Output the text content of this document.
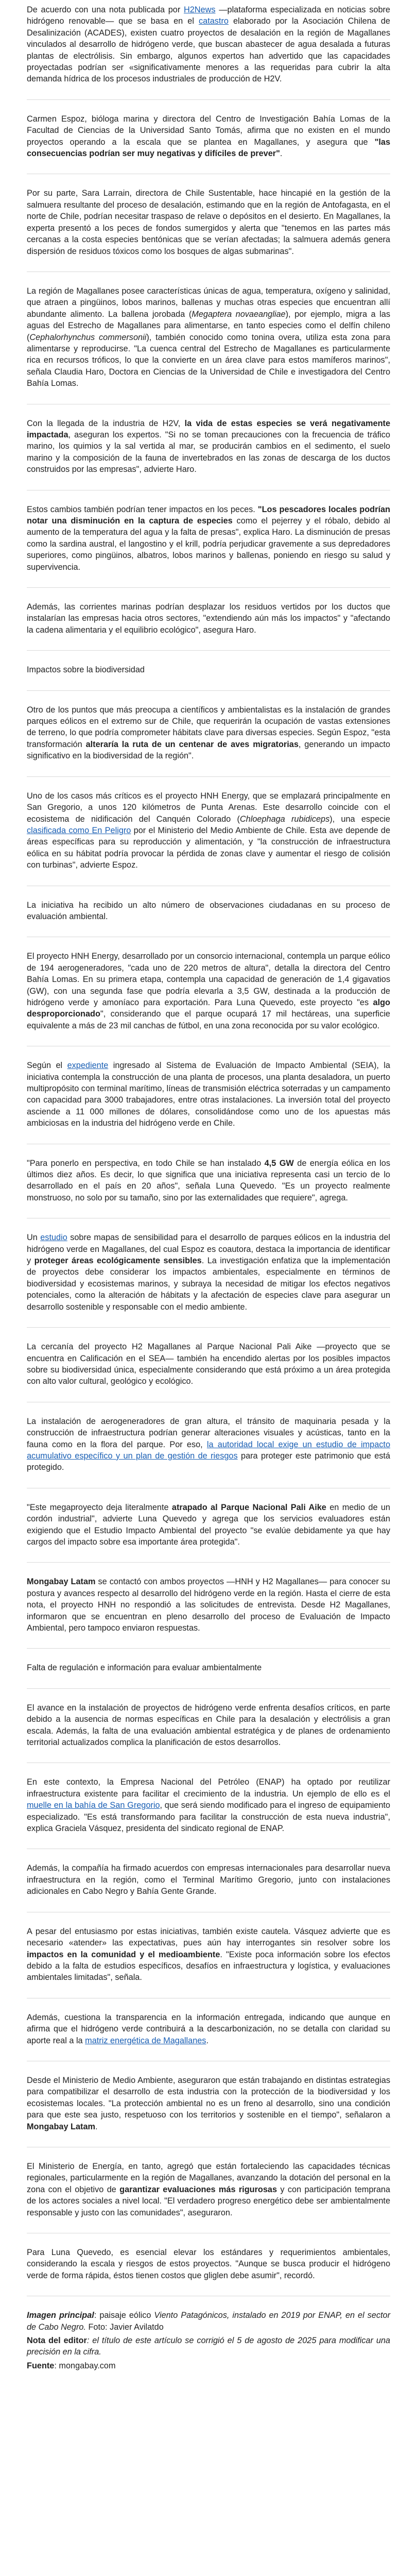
De acuerdo con una nota publicada por H2News —plataforma especializada en noticias sobre hidrógeno renovable— que se basa en el catastro elaborado por la Asociación Chilena de Desalinización (ACADES), existen cuatro proyectos de desalación en la región de Magallanes vinculados al desarrollo de hidrógeno verde, que buscan abastecer de agua desalada a futuras plantas de electrólisis. Sin embargo, algunos expertos han advertido que las capacidades proyectadas podrían ser «significativamente menores a las requeridas para cubrir la alta demanda hídrica de los procesos industriales de producción de H2V.

Carmen Espoz, bióloga marina y directora del Centro de Investigación Bahía Lomas de la Facultad de Ciencias de la Universidad Santo Tomás, afirma que no existen en el mundo proyectos operando a la escala que se plantea en Magallanes, y asegura que "las consecuencias podrían ser muy negativas y difíciles de prever".

Por su parte, Sara Larrain, directora de Chile Sustentable, hace hincapié en la gestión de la salmuera resultante del proceso de desalación, estimando que en la región de Antofagasta, en el norte de Chile, podrían necesitar traspaso de relave o depósitos en el desierto. En Magallanes, la experta presentó a los peces de fondos sumergidos y alerta que "tenemos en las partes más cercanas a la costa especies bentónicas que se verían afectadas; la salmuera además genera dispersión de residuos tóxicos como los bosques de algas submarinas".

La región de Magallanes posee características únicas de agua, temperatura, oxígeno y salinidad, que atraen a pingüinos, lobos marinos, ballenas y muchas otras especies que encuentran allí abundante alimento. La ballena jorobada (Megaptera novaeangliae), por ejemplo, migra a las aguas del Estrecho de Magallanes para alimentarse, en tanto especies como el delfín chileno (Cephalorhynchus commersonii), también conocido como tonina overa, utiliza esta zona para alimentarse y reproducirse. "La cuenca central del Estrecho de Magallanes es particularmente rica en recursos tróficos, lo que la convierte en un área clave para estos mamíferos marinos", señala Claudia Haro, Doctora en Ciencias de la Universidad de Chile e investigadora del Centro Bahía Lomas.

Con la llegada de la industria de H2V, la vida de estas especies se verá negativamente impactada, aseguran los expertos. "Si no se toman precauciones con la frecuencia de tráfico marino, los quimios y la sal vertida al mar, se producirán cambios en el sedimento, el suelo marino y la composición de la fauna de invertebrados en las zonas de descarga de los ductos construidos por las empresas", advierte Haro.

Estos cambios también podrían tener impactos en los peces. "Los pescadores locales podrían notar una disminución en la captura de especies como el pejerrey y el róbalo, debido al aumento de la temperatura del agua y la falta de presas", explica Haro. La disminución de presas como la sardina austral, el langostino y el krill, podría perjudicar gravemente a sus depredadores superiores, como pingüinos, albatros, lobos marinos y ballenas, poniendo en riesgo su salud y supervivencia.

Además, las corrientes marinas podrían desplazar los residuos vertidos por los ductos que instalarían las empresas hacia otros sectores, "extendiendo aún más los impactos" y "afectando la cadena alimentaria y el equilibrio ecológico", asegura Haro.

Impactos sobre la biodiversidad

Otro de los puntos que más preocupa a científicos y ambientalistas es la instalación de grandes parques eólicos en el extremo sur de Chile, que requerirán la ocupación de vastas extensiones de terreno, lo que podría comprometer hábitats clave para diversas especies. Según Espoz, "esta transformación alteraría la ruta de un centenar de aves migratorias, generando un impacto significativo en la biodiversidad de la región".

Uno de los casos más críticos es el proyecto HNH Energy, que se emplazará principalmente en San Gregorio, a unos 120 kilómetros de Punta Arenas. Este desarrollo coincide con el ecosistema de nidificación del Canquén Colorado (Chloephaga rubidiceps), una especie clasificada como En Peligro por el Ministerio del Medio Ambiente de Chile. Esta ave depende de áreas específicas para su reproducción y alimentación, y "la construcción de infraestructura eólica en su hábitat podría provocar la pérdida de zonas clave y aumentar el riesgo de colisión con turbinas", advierte Espoz.

La iniciativa ha recibido un alto número de observaciones ciudadanas en su proceso de evaluación ambiental.

El proyecto HNH Energy, desarrollado por un consorcio internacional, contempla un parque eólico de 194 aerogeneradores, "cada uno de 220 metros de altura", detalla la directora del Centro Bahía Lomas. En su primera etapa, contempla una capacidad de generación de 1,4 gigavatios (GW), con una segunda fase que podría elevarla a 3,5 GW, destinada a la producción de hidrógeno verde y amoníaco para exportación. Para Luna Quevedo, este proyecto "es algo desproporcionado", considerando que el parque ocupará 17 mil hectáreas, una superficie equivalente a más de 23 mil canchas de fútbol, en una zona reconocida por su valor ecológico.

Según el expediente ingresado al Sistema de Evaluación de Impacto Ambiental (SEIA), la iniciativa contempla la construcción de una planta de procesos, una planta desaladora, un puerto multipropósito con terminal marítimo, líneas de transmisión eléctrica soterradas y un campamento con capacidad para 3000 trabajadores, entre otras instalaciones. La inversión total del proyecto asciende a 11 000 millones de dólares, consolidándose como uno de los apuestas más ambiciosas en la industria del hidrógeno verde en Chile.

"Para ponerlo en perspectiva, en todo Chile se han instalado 4,5 GW de energía eólica en los últimos diez años. Es decir, lo que significa que una iniciativa representa casi un tercio de lo desarrollado en el país en 20 años", señala Luna Quevedo. "Es un proyecto realmente monstruoso, no solo por su tamaño, sino por las externalidades que requiere", agrega.

Un estudio sobre mapas de sensibilidad para el desarrollo de parques eólicos en la industria del hidrógeno verde en Magallanes, del cual Espoz es coautora, destaca la importancia de identificar y proteger áreas ecológicamente sensibles. La investigación enfatiza que la implementación de proyectos debe considerar los impactos ambientales, especialmente en términos de biodiversidad y ecosistemas marinos, y subraya la necesidad de mitigar los efectos negativos potenciales, como la alteración de hábitats y la afectación de especies clave para asegurar un desarrollo sostenible y responsable con el medio ambiente.

La cercanía del proyecto H2 Magallanes al Parque Nacional Pali Aike —proyecto que se encuentra en Calificación en el SEA— también ha encendido alertas por los posibles impactos sobre su biodiversidad única, especialmente considerando que está próximo a un área protegida con alto valor cultural, geológico y ecológico.

La instalación de aerogeneradores de gran altura, el tránsito de maquinaria pesada y la construcción de infraestructura podrían generar alteraciones visuales y acústicas, tanto en la fauna como en la flora del parque. Por eso, la autoridad local exige un estudio de impacto acumulativo específico y un plan de gestión de riesgos para proteger este patrimonio que está protegido.

"Este megaproyecto deja literalmente atrapado al Parque Nacional Pali Aike en medio de un cordón industrial", advierte Luna Quevedo y agrega que los servicios evaluadores están exigiendo que el Estudio Impacto Ambiental del proyecto "se evalúe debidamente ya que hay cargos del impacto sobre esa importante área protegida".

Mongabay Latam se contactó con ambos proyectos —HNH y H2 Magallanes— para conocer su postura y avances respecto al desarrollo del hidrógeno verde en la región. Hasta el cierre de esta nota, el proyecto HNH no respondió a las solicitudes de entrevista. Desde H2 Magallanes, informaron que se encuentran en pleno desarrollo del proceso de Evaluación de Impacto Ambiental, pero tampoco enviaron respuestas.

Falta de regulación e información para evaluar ambientalmente

El avance en la instalación de proyectos de hidrógeno verde enfrenta desafíos críticos, en parte debido a la ausencia de normas específicas en Chile para la desalación y electrólisis a gran escala. Además, la falta de una evaluación ambiental estratégica y de planes de ordenamiento territorial actualizados complica la planificación de estos desarrollos.

En este contexto, la Empresa Nacional del Petróleo (ENAP) ha optado por reutilizar infraestructura existente para facilitar el crecimiento de la industria. Un ejemplo de ello es el muelle en la bahía de San Gregorio, que será siendo modificado para el ingreso de equipamiento especializado. "Es está transformando para facilitar la construcción de esta nueva industria", explica Graciela Vásquez, presidenta del sindicato regional de ENAP.

Además, la compañía ha firmado acuerdos con empresas internacionales para desarrollar nueva infraestructura en la región, como el Terminal Marítimo Gregorio, junto con instalaciones adicionales en Cabo Negro y Bahía Gente Grande.

A pesar del entusiasmo por estas iniciativas, también existe cautela. Vásquez advierte que es necesario «atender» las expectativas, pues aún hay interrogantes sin resolver sobre los impactos en la comunidad y el medioambiente. "Existe poca información sobre los efectos debido a la falta de estudios específicos, desafíos en infraestructura y logística, y evaluaciones ambientales limitadas", señala.

Además, cuestiona la transparencia en la información entregada, indicando que aunque en afirma que el hidrógeno verde contribuirá a la descarbonización, no se detalla con claridad su aporte real a la matriz energética de Magallanes.

Desde el Ministerio de Medio Ambiente, aseguraron que están trabajando en distintas estrategias para compatibilizar el desarrollo de esta industria con la protección de la biodiversidad y los ecosistemas locales. "La protección ambiental no es un freno al desarrollo, sino una condición para que este sea justo, respetuoso con los territorios y sostenible en el tiempo", señalaron a Mongabay Latam.

El Ministerio de Energía, en tanto, agregó que están fortaleciendo las capacidades técnicas regionales, particularmente en la región de Magallanes, avanzando la dotación del personal en la zona con el objetivo de garantizar evaluaciones más rigurosas y con participación temprana de los actores sociales a nivel local. "El verdadero progreso energético debe ser ambientalmente responsable y justo con las comunidades", aseguraron.

Para Luna Quevedo, es esencial elevar los estándares y requerimientos ambientales, considerando la escala y riesgos de estos proyectos. "Aunque se busca producir el hidrógeno verde de forma rápida, éstos tienen costos que gliglen debe asumir", recordó.

Imagen principal: paisaje eólico Viento Patagónicos, instalado en 2019 por ENAP, en el sector de Cabo Negro. Foto: Javier Avilatdo

Nota del editor: el título de este artículo se corrigió el 5 de agosto de 2025 para modificar una precisión en la cifra.

Fuente: mongabay.com
